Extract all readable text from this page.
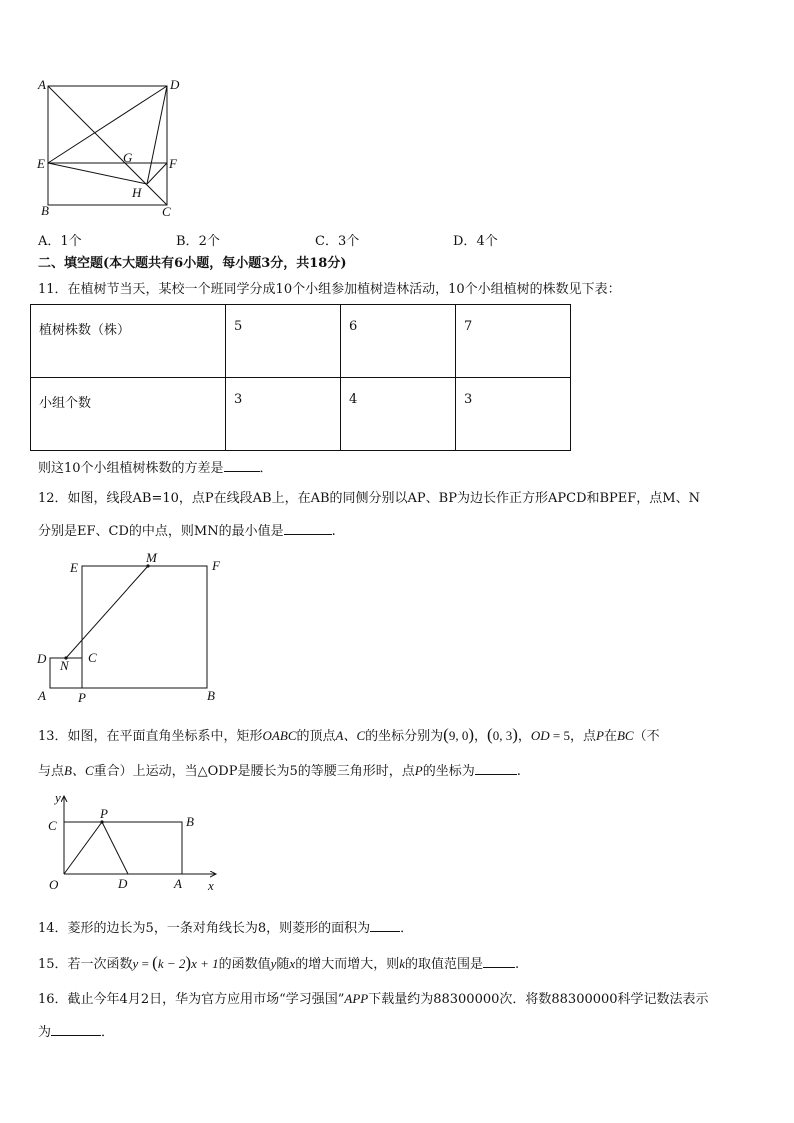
A	D
E	F
G
H
B	C
A．1个	B．2个	C．3个	D．4个
二、填空题(本大题共有6小题，每小题3分，共18分)
11．在植树节当天，某校一个班同学分成10个小组参加植树造林活动，10个小组植树的株数见下表：
植树株数（株）	5	6	7
小组个数	3	4	3
则这10个小组植树株数的方差是	．
12．如图，线段AB=10，点P在线段AB上，在AB的同侧分别以AP、BP为边长作正方形APCD和BPEF，点M、N
分别是EF、CD的中点，则MN的最小值是	.
M
E	F
D N
C
A P	B
13．如图，在平面直角坐标系中，矩形OABC的顶点A、C的坐标分别为(9, 0)，(0, 3)，OD = 5，点P在BC（不
与点B、C重合）上运动，当△ODP是腰长为5的等腰三角形时，点P的坐标为	.
y
x
C
P
B
O	D	A
14．菱形的边长为5，一条对角线长为8，则菱形的面积为 ．
15．若一次函数y = (k − 2)x + 1的函数值y随x的增大而增大，则k的取值范围是 .
16．截止今年4月2日，华为官方应用市场“学习强国”APP下载量约为88300000次．将数88300000科学记数法表示
为	．
